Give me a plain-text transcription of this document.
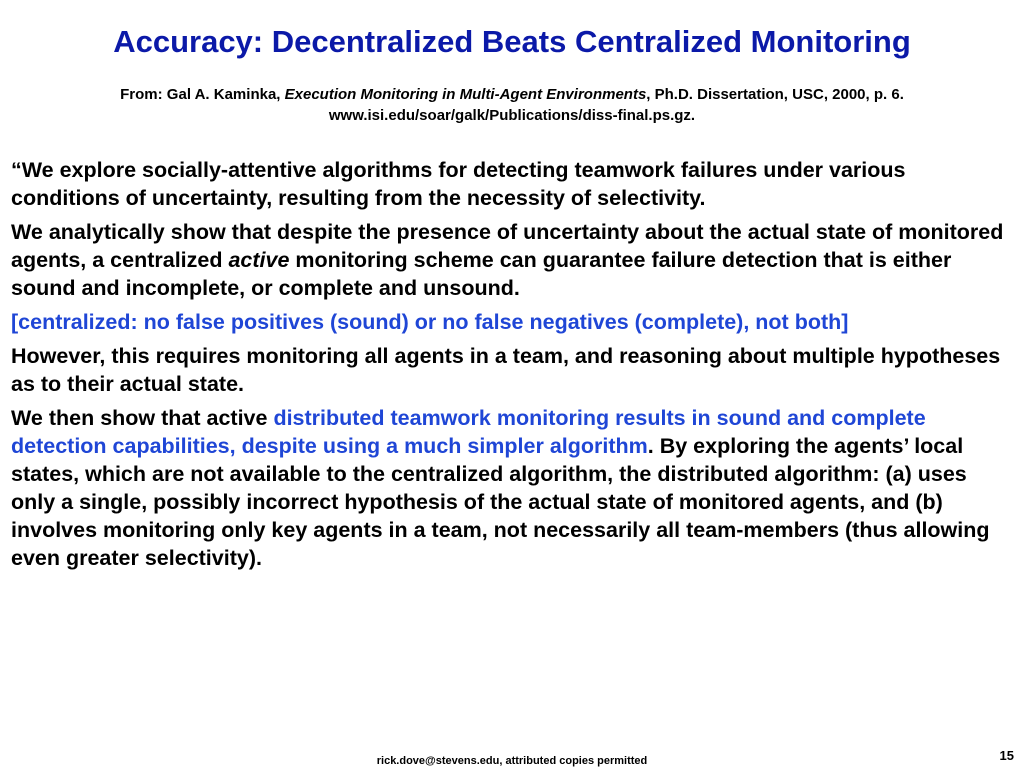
Accuracy: Decentralized Beats Centralized Monitoring
From: Gal A. Kaminka, Execution Monitoring in Multi-Agent Environments, Ph.D. Dissertation, USC, 2000, p. 6.
www.isi.edu/soar/galk/Publications/diss-final.ps.gz.

“We explore socially-attentive algorithms for detecting teamwork failures under various conditions of uncertainty, resulting from the necessity of selectivity.

We analytically show that despite the presence of uncertainty about the actual state of monitored agents, a centralized active monitoring scheme can guarantee failure detection that is either sound and incomplete, or complete and unsound.

[centralized: no false positives (sound) or no false negatives (complete), not both]

However, this requires monitoring all agents in a team, and reasoning about multiple hypotheses as to their actual state.

We then show that active distributed teamwork monitoring results in sound and complete detection capabilities, despite using a much simpler algorithm. By exploring the agents’ local states, which are not available to the centralized algorithm, the distributed algorithm: (a) uses only a single, possibly incorrect hypothesis of the actual state of monitored agents, and (b) involves monitoring only key agents in a team, not necessarily all team-members (thus allowing even greater selectivity).

rick.dove@stevens.edu, attributed copies permitted	15
